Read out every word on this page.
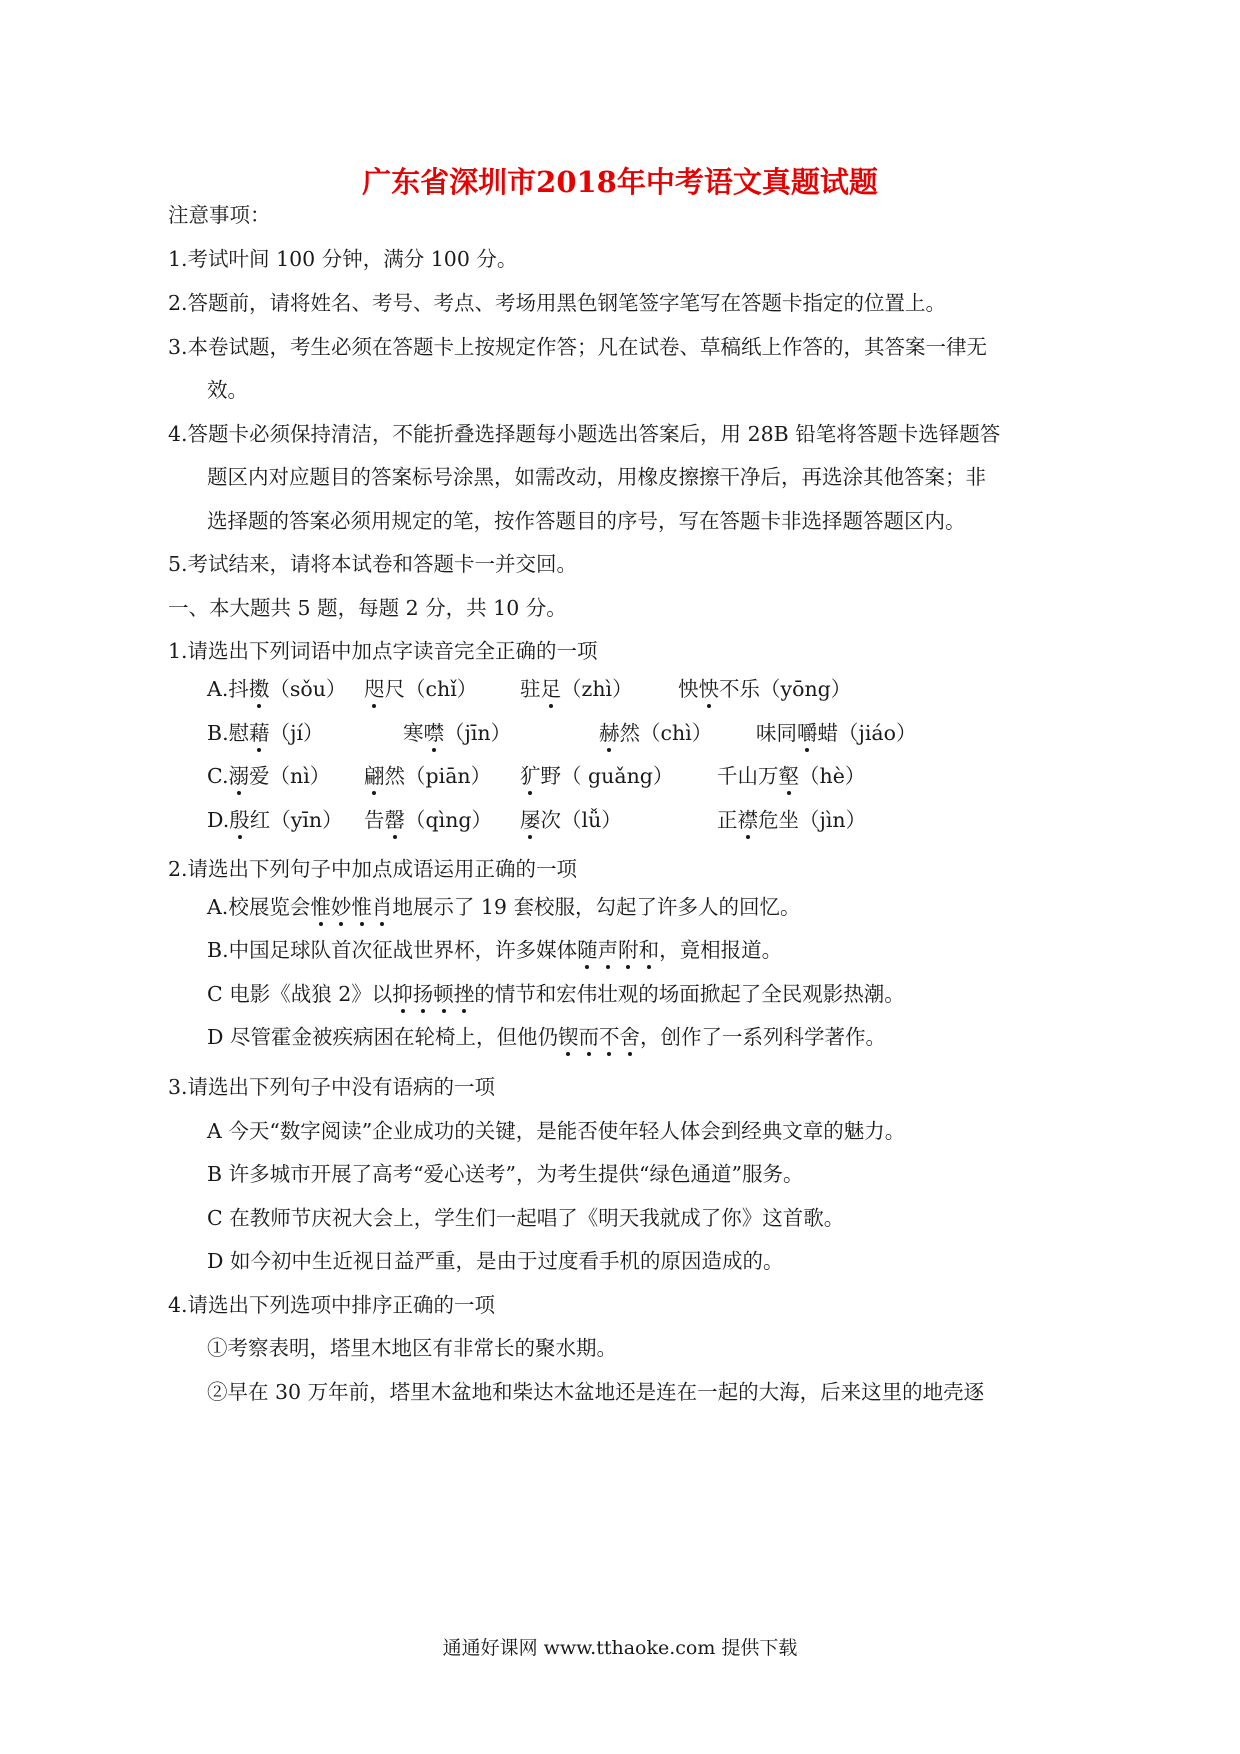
广东省深圳市2018年中考语文真题试题
注意事项：
1.考试叶间 100 分钟，满分 100 分。
2.答题前，请将姓名、考号、考点、考场用黑色钢笔签字笔写在答题卡指定的位置上。
3.本卷试题，考生必须在答题卡上按规定作答；凡在试卷、草稿纸上作答的，其答案一律无
效。
4.答题卡必须保持清洁，不能折叠选择题每小题选出答案后，用 28B 铅笔将答题卡选铎题答
题区内对应题目的答案标号涂黑，如需改动，用橡皮擦擦干净后，再选涂其他答案；非
选择题的答案必须用规定的笔，按作答题目的序号，写在答题卡非选择题答题区内。
5.考试结来，请将本试卷和答题卡一并交回。
一、本大题共 5 题，每题 2 分，共 10 分。
1.请选出下列词语中加点字读音完全正确的一项
A.抖擞（sǒu） 咫尺（chǐ） 驻足（zhì） 怏怏不乐（yōng）
B.慰藉（jí）	寒噤（jīn）	赫然（chì） 味同嚼蜡（jiáo）
C.溺爱（nì） 翩然（piān） 犷野（ guǎng） 千山万壑（hè）
D.殷红（yīn） 告罄（qìng） 屡次（lǚ）	正襟危坐（jìn）
2.请选出下列句子中加点成语运用正确的一项
A.校展览会惟妙惟肖地展示了 19 套校服，勾起了许多人的回忆。
B.中国足球队首次征战世界杯，许多媒体随声附和，竟相报道。
C 电影《战狼 2》以抑扬顿挫的情节和宏伟壮观的场面掀起了全民观影热潮。
D 尽管霍金被疾病困在轮椅上，但他仍锲而不舍，创作了一系列科学著作。
3.请选出下列句子中没有语病的一项
A 今天“数字阅读”企业成功的关键，是能否使年轻人体会到经典文章的魅力。
B 许多城市开展了高考“爱心送考”，为考生提供“绿色通道”服务。
C 在教师节庆祝大会上，学生们一起唱了《明天我就成了你》这首歌。
D 如今初中生近视日益严重，是由于过度看手机的原因造成的。
4.请选出下列选项中排序正确的一项
①考察表明，塔里木地区有非常长的聚水期。
②早在 30 万年前，塔里木盆地和柴达木盆地还是连在一起的大海，后来这里的地壳逐
通通好课网 www.tthaoke.com 提供下载
